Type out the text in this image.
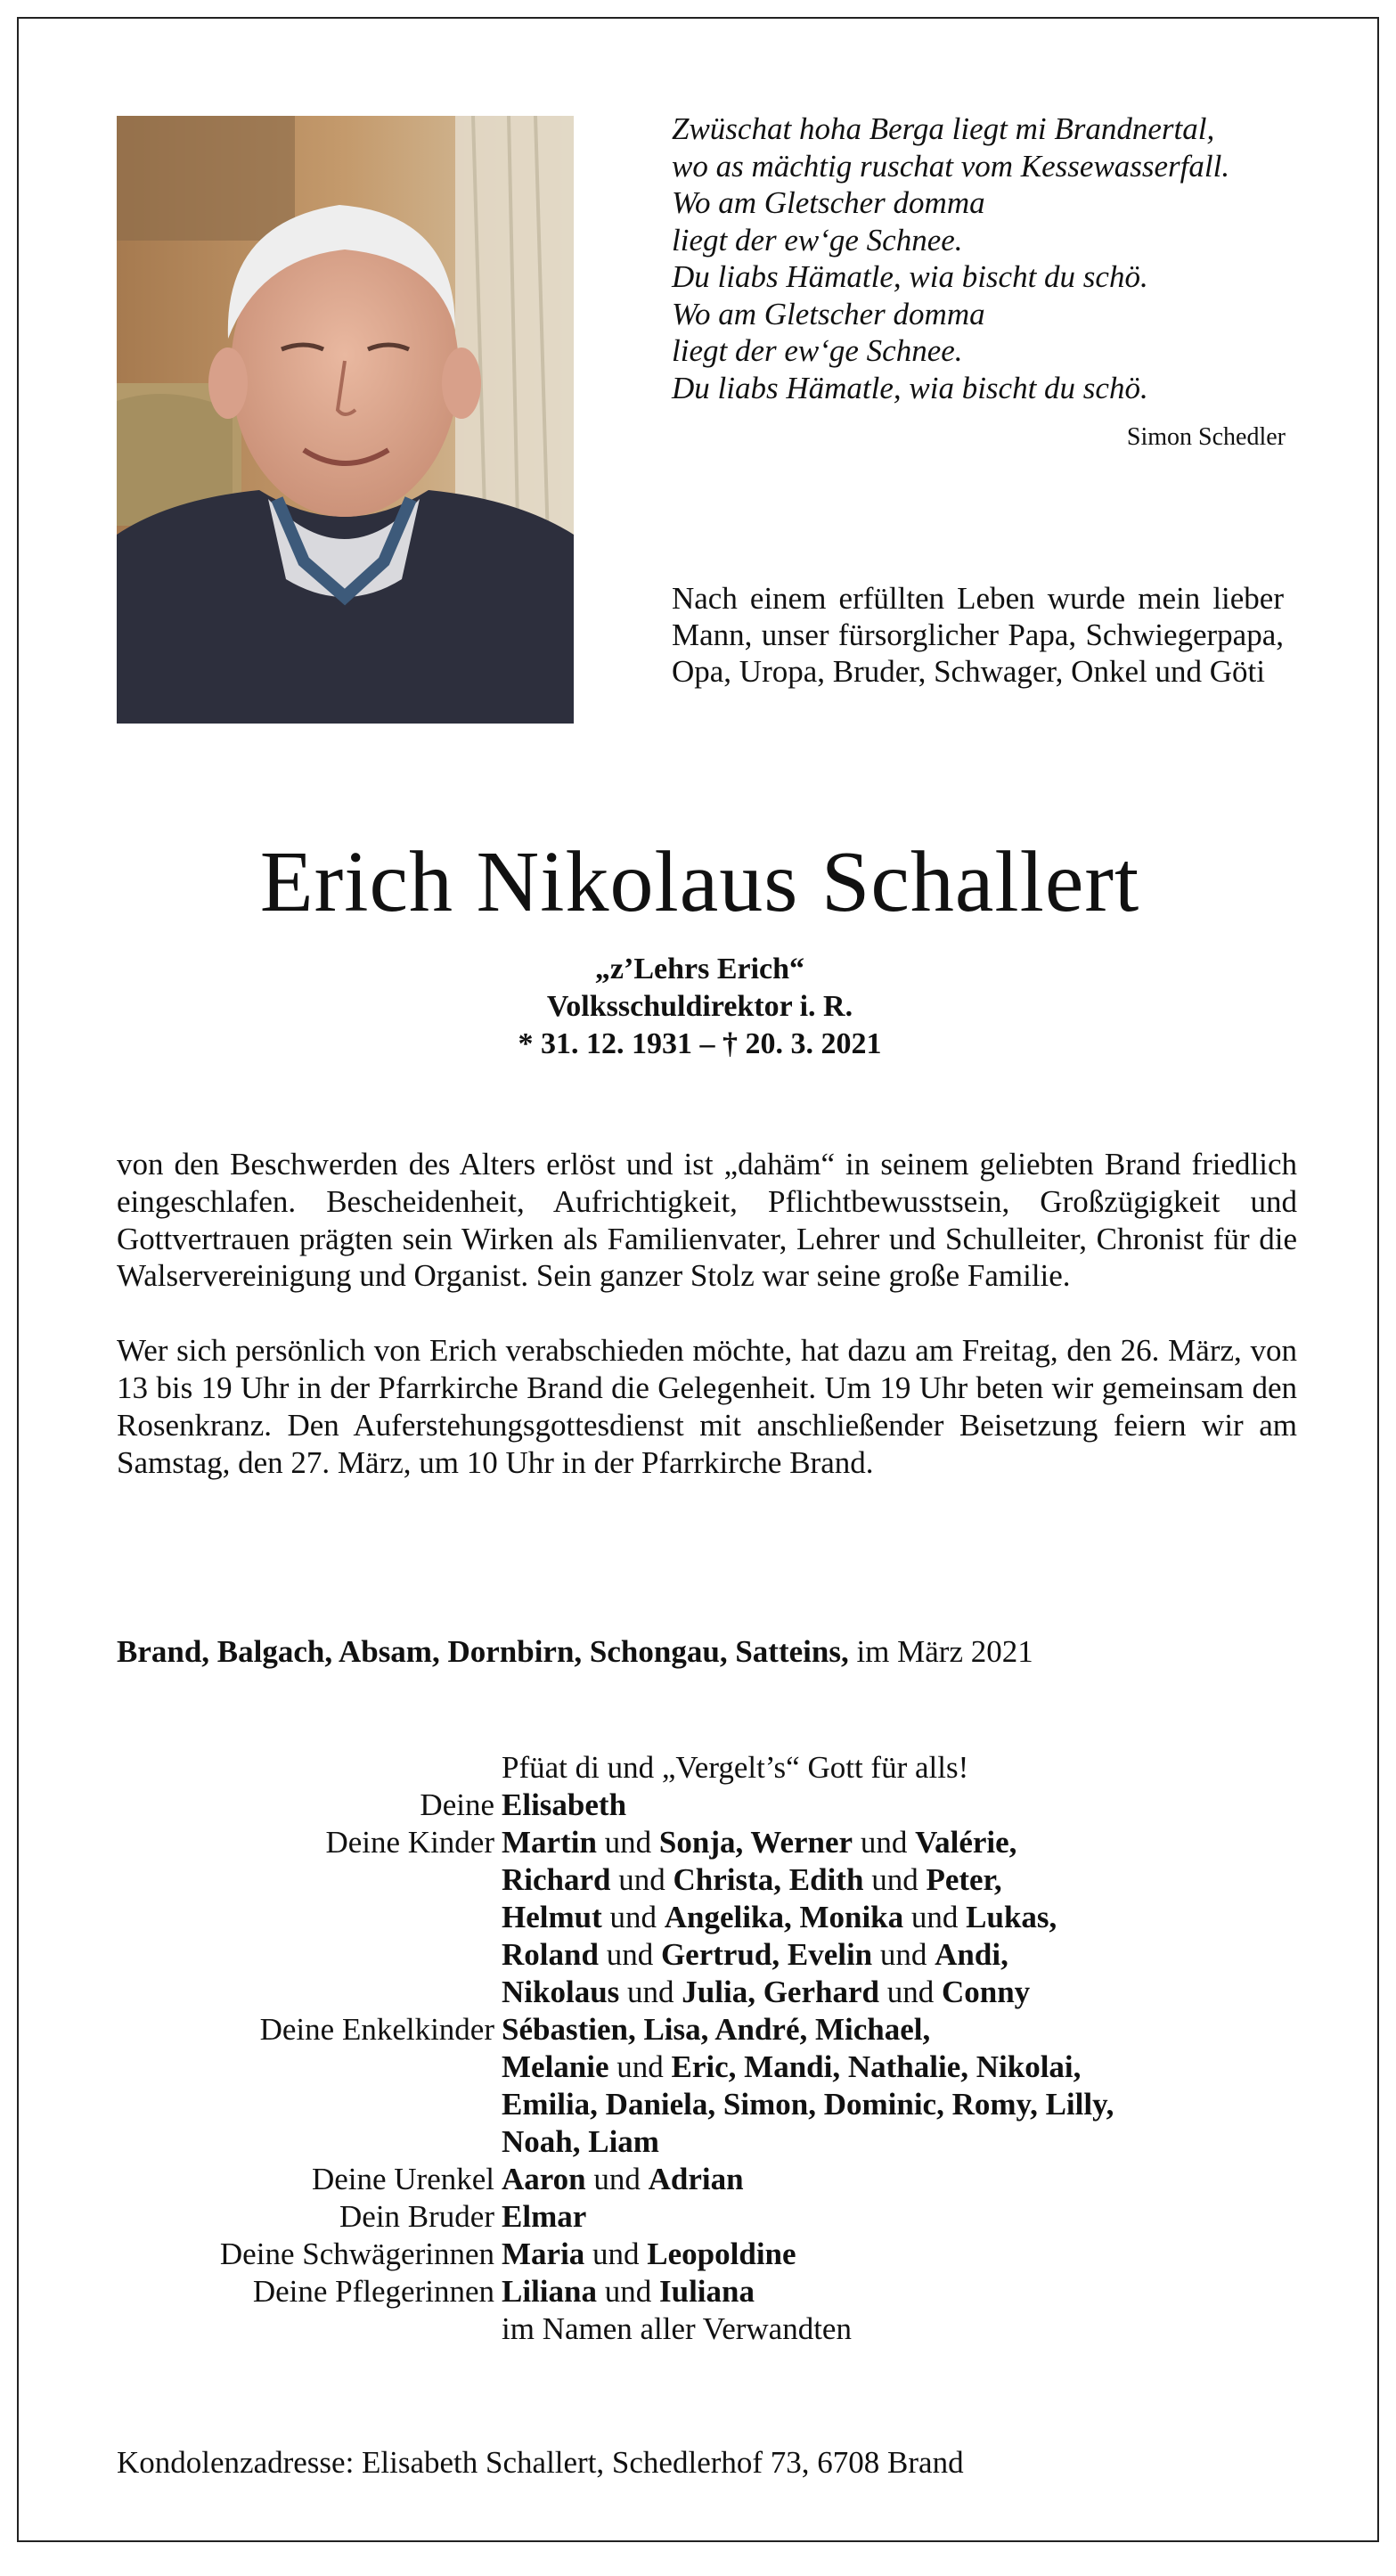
Zwüschat hoha Berga liegt mi Brandnertal,
wo as mächtig ruschat vom Kessewasserfall.
Wo am Gletscher domma
liegt der ew‘ge Schnee.
Du liabs Hämatle, wia bischt du schö.
Wo am Gletscher domma
liegt der ew‘ge Schnee.
Du liabs Hämatle, wia bischt du schö.
Simon Schedler
Nach einem erfüllten Leben wurde mein lieber Mann, unser fürsorglicher Papa, Schwiegerpapa, Opa, Uropa, Bruder, Schwager, Onkel und Göti
Erich Nikolaus Schallert
„z’Lehrs Erich“
Volksschuldirektor i. R.
* 31. 12. 1931 – † 20. 3. 2021

von den Beschwerden des Alters erlöst und ist „dahäm“ in seinem geliebten Brand friedlich eingeschlafen. Bescheidenheit, Aufrichtigkeit, Pflichtbewusstsein, Großzügigkeit und Gottvertrauen prägten sein Wirken als Familienvater, Lehrer und Schulleiter, Chronist für die Walservereinigung und Organist. Sein ganzer Stolz war seine große Familie.

Wer sich persönlich von Erich verabschieden möchte, hat dazu am Freitag, den 26. März, von 13 bis 19 Uhr in der Pfarrkirche Brand die Gelegenheit. Um 19 Uhr beten wir gemeinsam den Rosenkranz. Den Auferstehungsgottesdienst mit anschließender Beisetzung feiern wir am Samstag, den 27. März, um 10 Uhr in der Pfarrkirche Brand.

Brand, Balgach, Absam, Dornbirn, Schongau, Satteins, im März 2021
Pfüat di und „Vergelt’s“ Gott für alls!
Deine Elisabeth
Deine Kinder Martin und Sonja, Werner und Valérie,
Richard und Christa, Edith und Peter,
Helmut und Angelika, Monika und Lukas,
Roland und Gertrud, Evelin und Andi,
Nikolaus und Julia, Gerhard und Conny
Deine Enkelkinder Sébastien, Lisa, André, Michael,
Melanie und Eric, Mandi, Nathalie, Nikolai,
Emilia, Daniela, Simon, Dominic, Romy, Lilly,
Noah, Liam
Deine Urenkel Aaron und Adrian
Dein Bruder Elmar
Deine Schwägerinnen Maria und Leopoldine
Deine Pflegerinnen Liliana und Iuliana
im Namen aller Verwandten
Kondolenzadresse: Elisabeth Schallert, Schedlerhof 73, 6708 Brand
